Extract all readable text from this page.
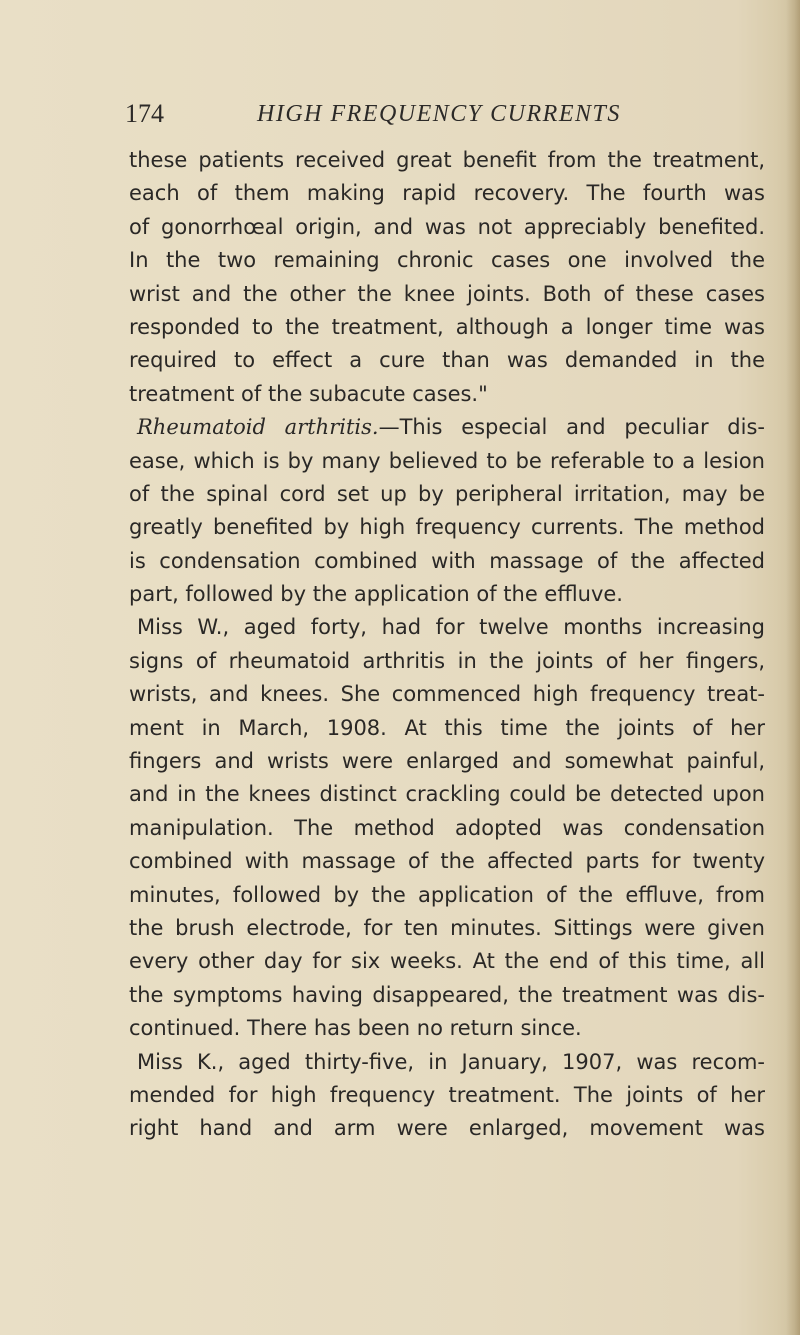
174	HIGH FREQUENCY CURRENTS
these patients received great benefit from the treatment,
each of them making rapid recovery. The fourth was
of gonorrhœal origin, and was not appreciably benefited.
In the two remaining chronic cases one involved the
wrist and the other the knee joints. Both of these cases
responded to the treatment, although a longer time was
required to effect a cure than was demanded in the
treatment of the subacute cases."
Rheumatoid arthritis.—This especial and peculiar dis-
ease, which is by many believed to be referable to a lesion
of the spinal cord set up by peripheral irritation, may be
greatly benefited by high frequency currents. The method
is condensation combined with massage of the affected
part, followed by the application of the effluve.
Miss W., aged forty, had for twelve months increasing
signs of rheumatoid arthritis in the joints of her fingers,
wrists, and knees. She commenced high frequency treat-
ment in March, 1908. At this time the joints of her
fingers and wrists were enlarged and somewhat painful,
and in the knees distinct crackling could be detected upon
manipulation. The method adopted was condensation
combined with massage of the affected parts for twenty
minutes, followed by the application of the effluve, from
the brush electrode, for ten minutes. Sittings were given
every other day for six weeks. At the end of this time, all
the symptoms having disappeared, the treatment was dis-
continued. There has been no return since.
Miss K., aged thirty-five, in January, 1907, was recom-
mended for high frequency treatment. The joints of her
right hand and arm were enlarged, movement was
